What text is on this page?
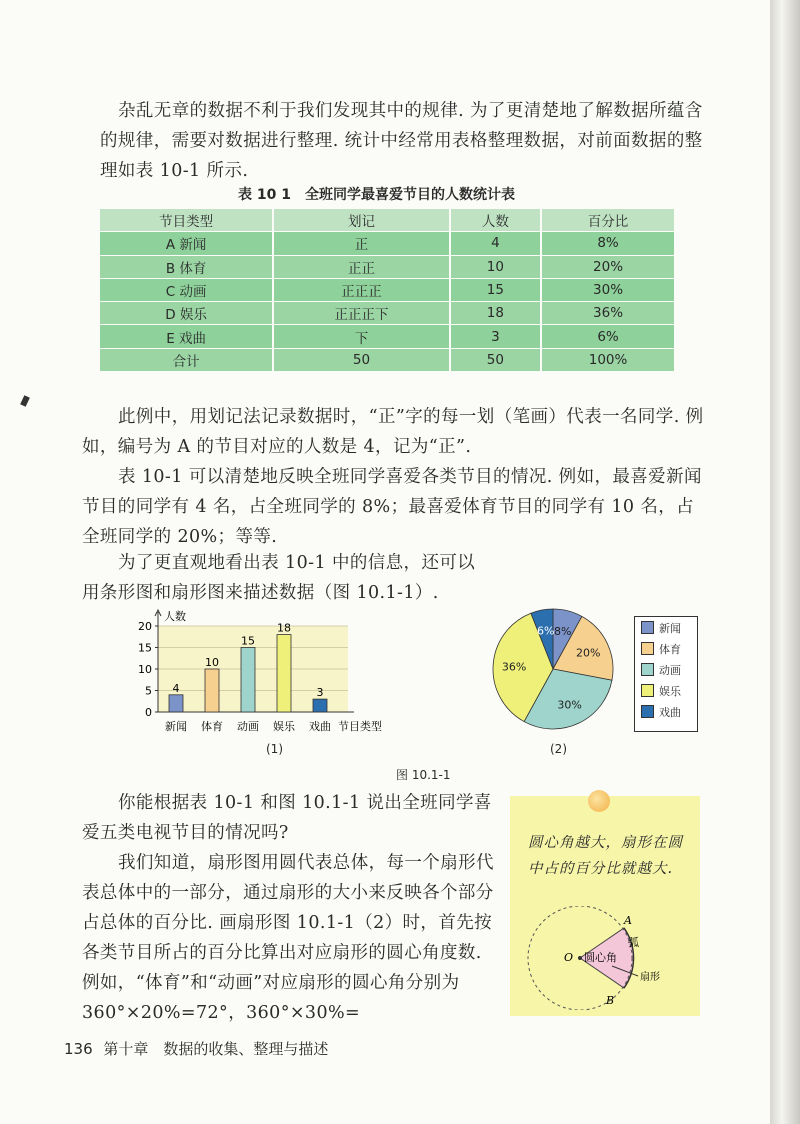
杂乱无章的数据不利于我们发现其中的规律. 为了更清楚地了解数据所蕴含的规律，需要对数据进行整理. 统计中经常用表格整理数据，对前面数据的整理如表 10-1 所示.

表 10 1　全班同学最喜爱节目的人数统计表
节目类型	划记	人数	百分比
A 新闻	正	4	8%
B 体育	正正	10	20%
C 动画	正正正	15	30%
D 娱乐	正正正下	18	36%
E 戏曲	下	3	6%
合计	50	50	100%

此例中，用划记法记录数据时，“正”字的每一划（笔画）代表一名同学. 例如，编号为 A 的节目对应的人数是 4，记为“正”.

表 10-1 可以清楚地反映全班同学喜爱各类节目的情况. 例如，最喜爱新闻节目的同学有 4 名，占全班同学的 8%；最喜爱体育节目的同学有 10 名，占全班同学的 20%；等等.

为了更直观地看出表 10-1 中的信息，还可以用条形图和扇形图来描述数据（图 10.1-1）.

0
5
10
15
20
人数
节目类型
4
新闻
10
体育
15
动画
18
娱乐
3
戏曲
8%
20%
30%
36%
6%	新闻
体育
动画
娱乐
戏曲
(1)	(2)
图 10.1-1

你能根据表 10-1 和图 10.1-1 说出全班同学喜爱五类电视节目的情况吗?

我们知道，扇形图用圆代表总体，每一个扇形代表总体中的一部分，通过扇形的大小来反映各个部分占总体的百分比. 画扇形图 10.1-1（2）时，首先按各类节目所占的百分比算出对应扇形的圆心角度数. 例如，“体育”和“动画”对应扇形的圆心角分别为 360°×20%=72°，360°×30%=

圆心角越大，扇形在圆中占的百分比就越大.

A
B
O 圆心角
弧
扇形
136 第十章　数据的收集、整理与描述
